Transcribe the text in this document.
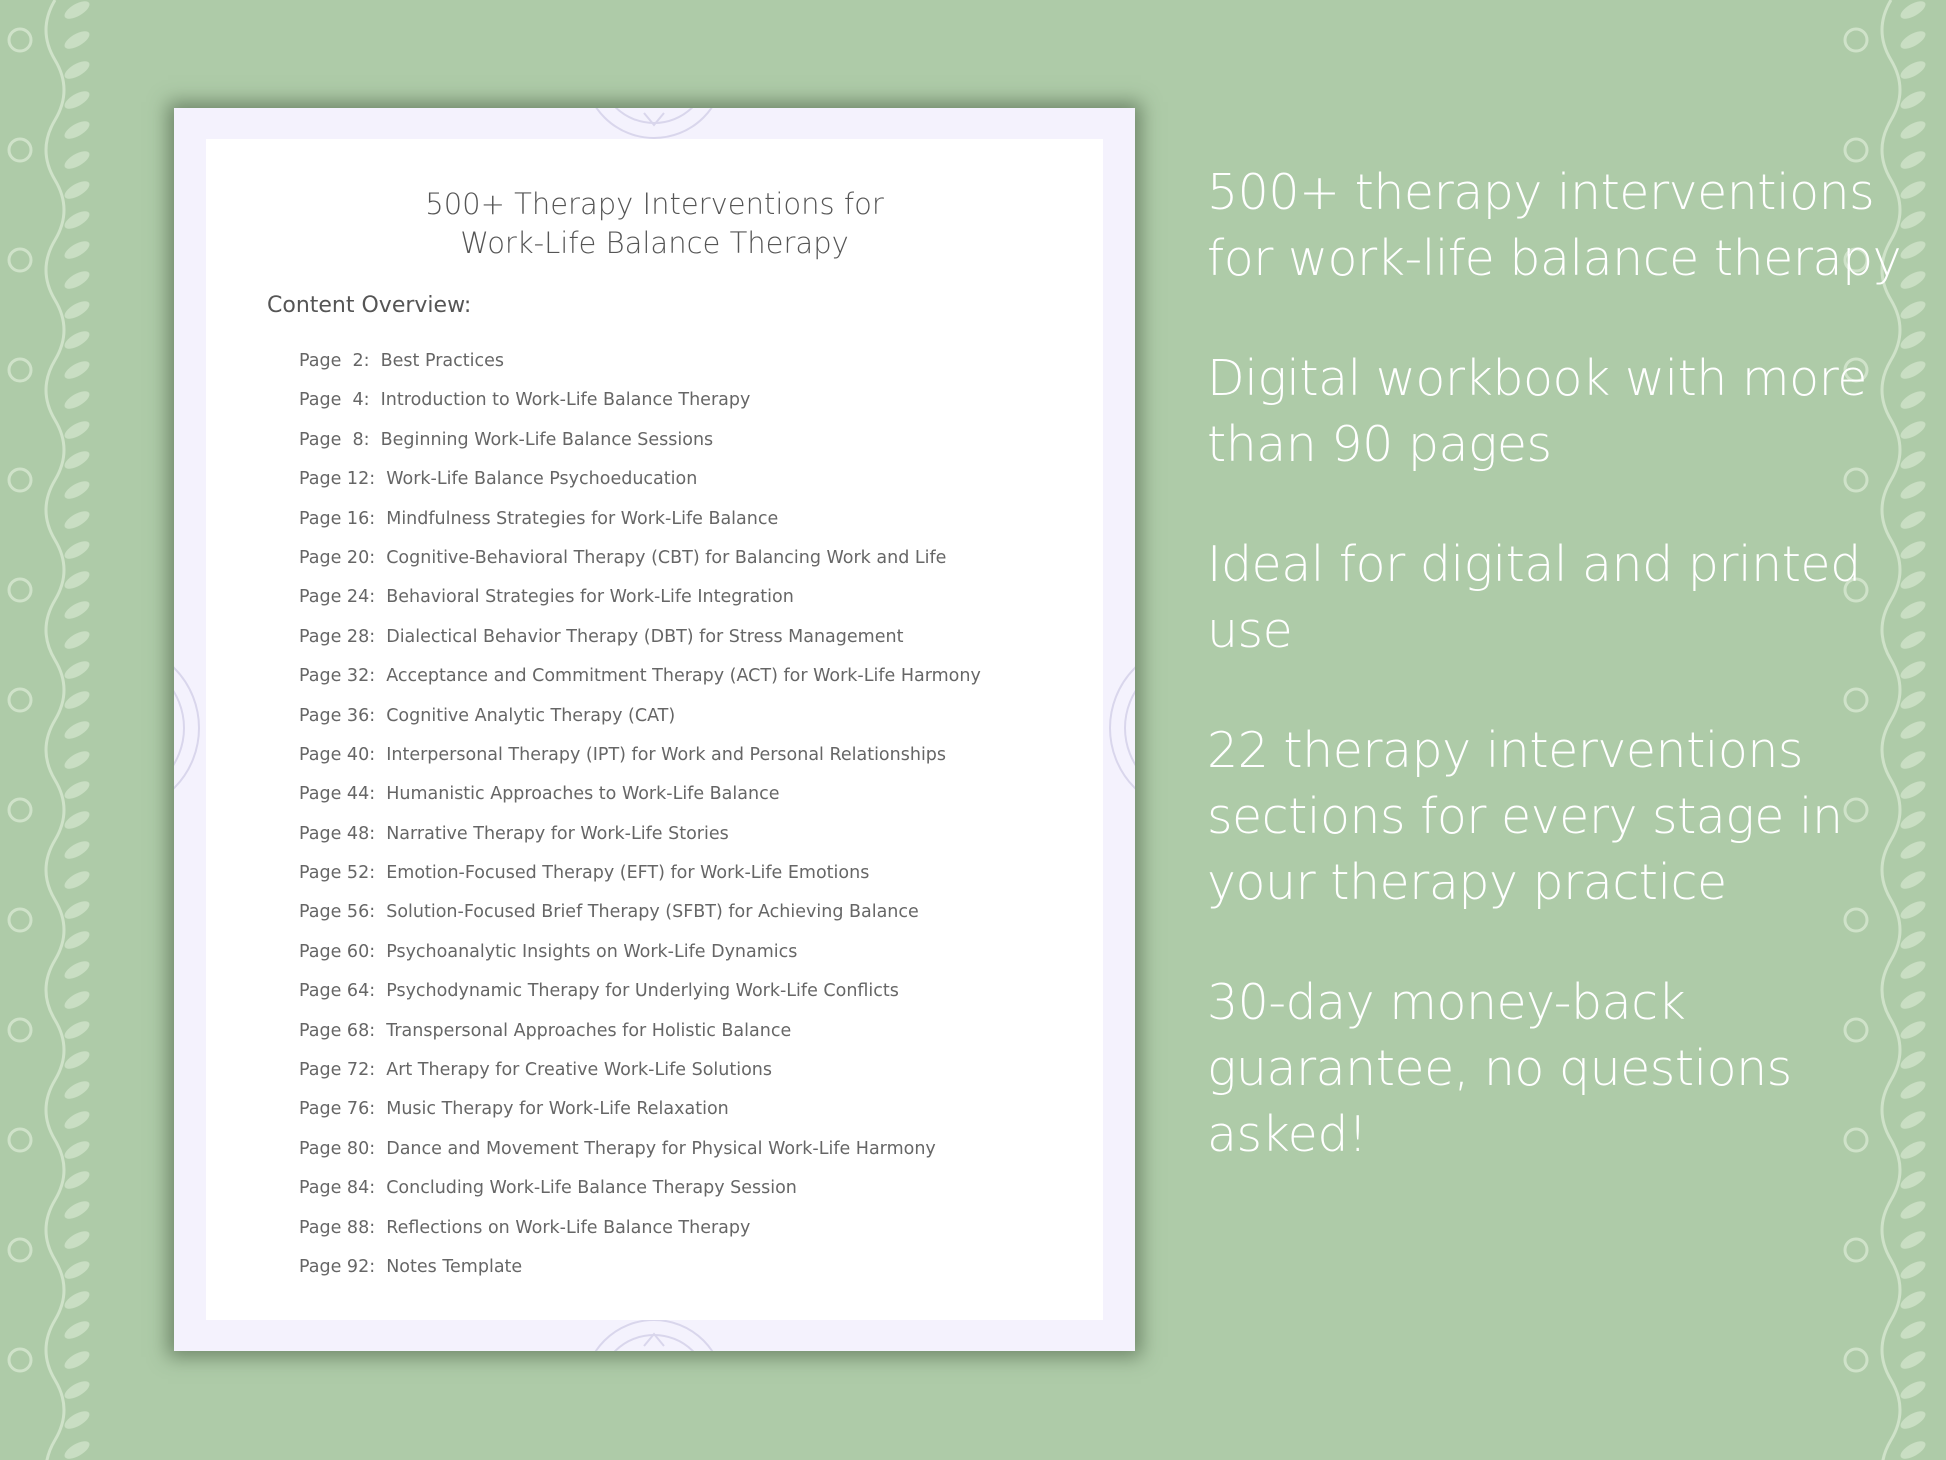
500+ Therapy Interventions for
Work-Life Balance Therapy
Content Overview:
Page  2:  Best Practices
Page  4:  Introduction to Work-Life Balance Therapy
Page  8:  Beginning Work-Life Balance Sessions
Page 12:  Work-Life Balance Psychoeducation
Page 16:  Mindfulness Strategies for Work-Life Balance
Page 20:  Cognitive-Behavioral Therapy (CBT) for Balancing Work and Life
Page 24:  Behavioral Strategies for Work-Life Integration
Page 28:  Dialectical Behavior Therapy (DBT) for Stress Management
Page 32:  Acceptance and Commitment Therapy (ACT) for Work-Life Harmony
Page 36:  Cognitive Analytic Therapy (CAT)
Page 40:  Interpersonal Therapy (IPT) for Work and Personal Relationships
Page 44:  Humanistic Approaches to Work-Life Balance
Page 48:  Narrative Therapy for Work-Life Stories
Page 52:  Emotion-Focused Therapy (EFT) for Work-Life Emotions
Page 56:  Solution-Focused Brief Therapy (SFBT) for Achieving Balance
Page 60:  Psychoanalytic Insights on Work-Life Dynamics
Page 64:  Psychodynamic Therapy for Underlying Work-Life Conflicts
Page 68:  Transpersonal Approaches for Holistic Balance
Page 72:  Art Therapy for Creative Work-Life Solutions
Page 76:  Music Therapy for Work-Life Relaxation
Page 80:  Dance and Movement Therapy for Physical Work-Life Harmony
Page 84:  Concluding Work-Life Balance Therapy Session
Page 88:  Reflections on Work-Life Balance Therapy
Page 92:  Notes Template

500+ therapy interventions for work-life balance therapy

Digital workbook with more than 90 pages

Ideal for digital and printed use

22 therapy interventions sections for every stage in your therapy practice

30-day money-back guarantee, no questions asked!
